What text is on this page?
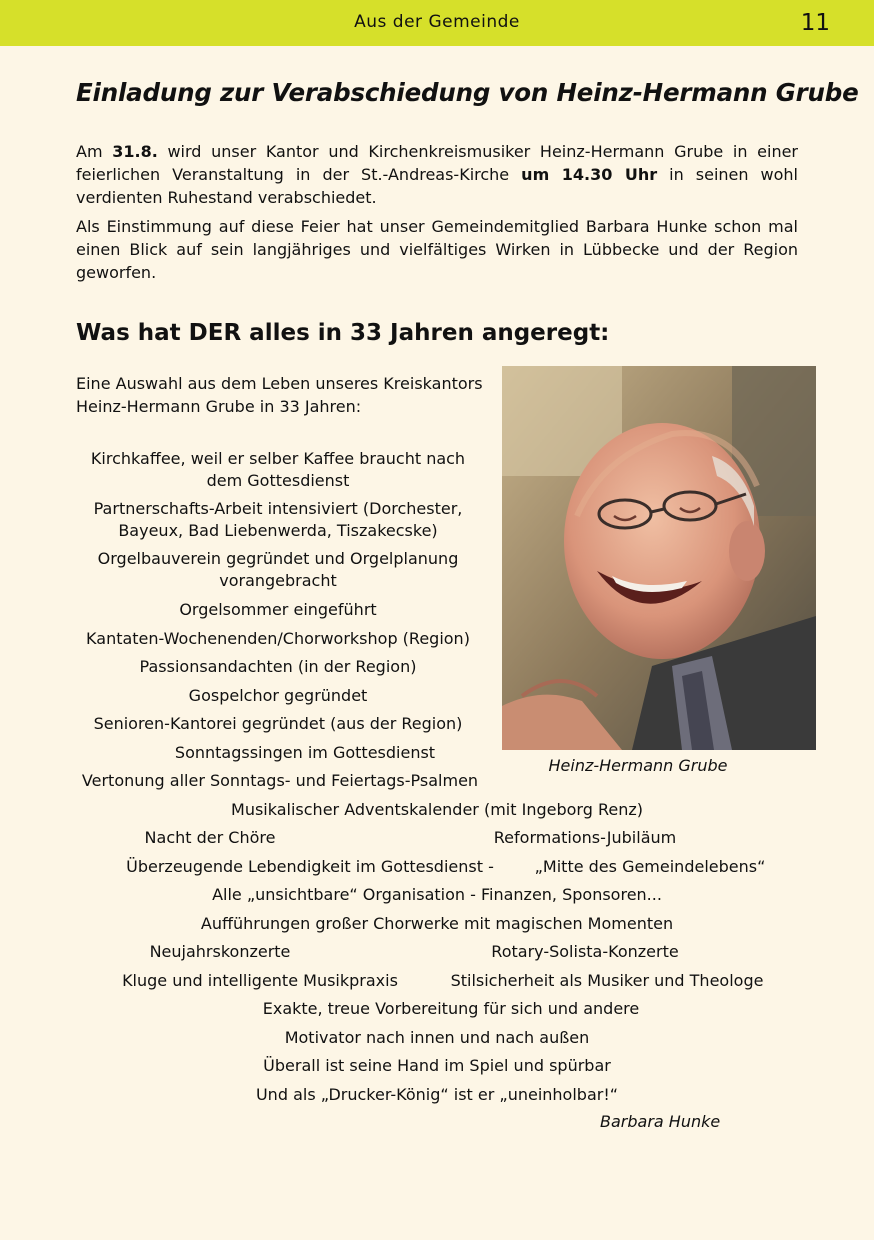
Aus der Gemeinde	11
Einladung zur Verabschiedung von Heinz-Hermann Grube

Am 31.8. wird unser Kantor und Kirchenkreismusiker Heinz-Hermann Grube in einer feierlichen Veranstaltung in der St.-Andreas-Kirche um 14.30 Uhr in seinen wohl verdienten Ruhestand verabschiedet.

Als Einstimmung auf diese Feier hat unser Gemeindemitglied Barbara Hunke schon mal einen Blick auf sein langjähriges und vielfältiges Wirken in Lübbecke und der Region geworfen.

Was hat DER alles in 33 Jahren angeregt:

Eine Auswahl aus dem Leben unseres Kreiskantors Heinz-Hermann Grube in 33 Jahren:

Heinz-Hermann Grube
Kirchkaffee, weil er selber Kaffee braucht nach dem Gottesdienst
Partnerschafts-Arbeit intensiviert (Dorchester, Bayeux, Bad Liebenwerda, Tiszakecske)
Orgelbauverein gegründet und Orgelplanung vorangebracht
Orgelsommer eingeführt
Kantaten-Wochenenden/Chorworkshop (Region)
Passionsandachten (in der Region)
Gospelchor gegründet
Senioren-Kantorei gegründet (aus der Region)
Sonntagssingen im Gottesdienst
Vertonung aller Sonntags- und Feiertags-Psalmen
Musikalischer Adventskalender (mit Ingeborg Renz)
Nacht der Chöre	Reformations-Jubiläum
Überzeugende Lebendigkeit im Gottesdienst -	„Mitte des Gemeindelebens“
Alle „unsichtbare“ Organisation - Finanzen, Sponsoren...
Aufführungen großer Chorwerke mit magischen Momenten
Neujahrskonzerte	Rotary-Solista-Konzerte
Kluge und intelligente Musikpraxis	Stilsicherheit als Musiker und Theologe
Exakte, treue Vorbereitung für sich und andere
Motivator nach innen und nach außen
Überall ist seine Hand im Spiel und spürbar
Und als „Drucker-König“ ist er „uneinholbar!“
Barbara Hunke
